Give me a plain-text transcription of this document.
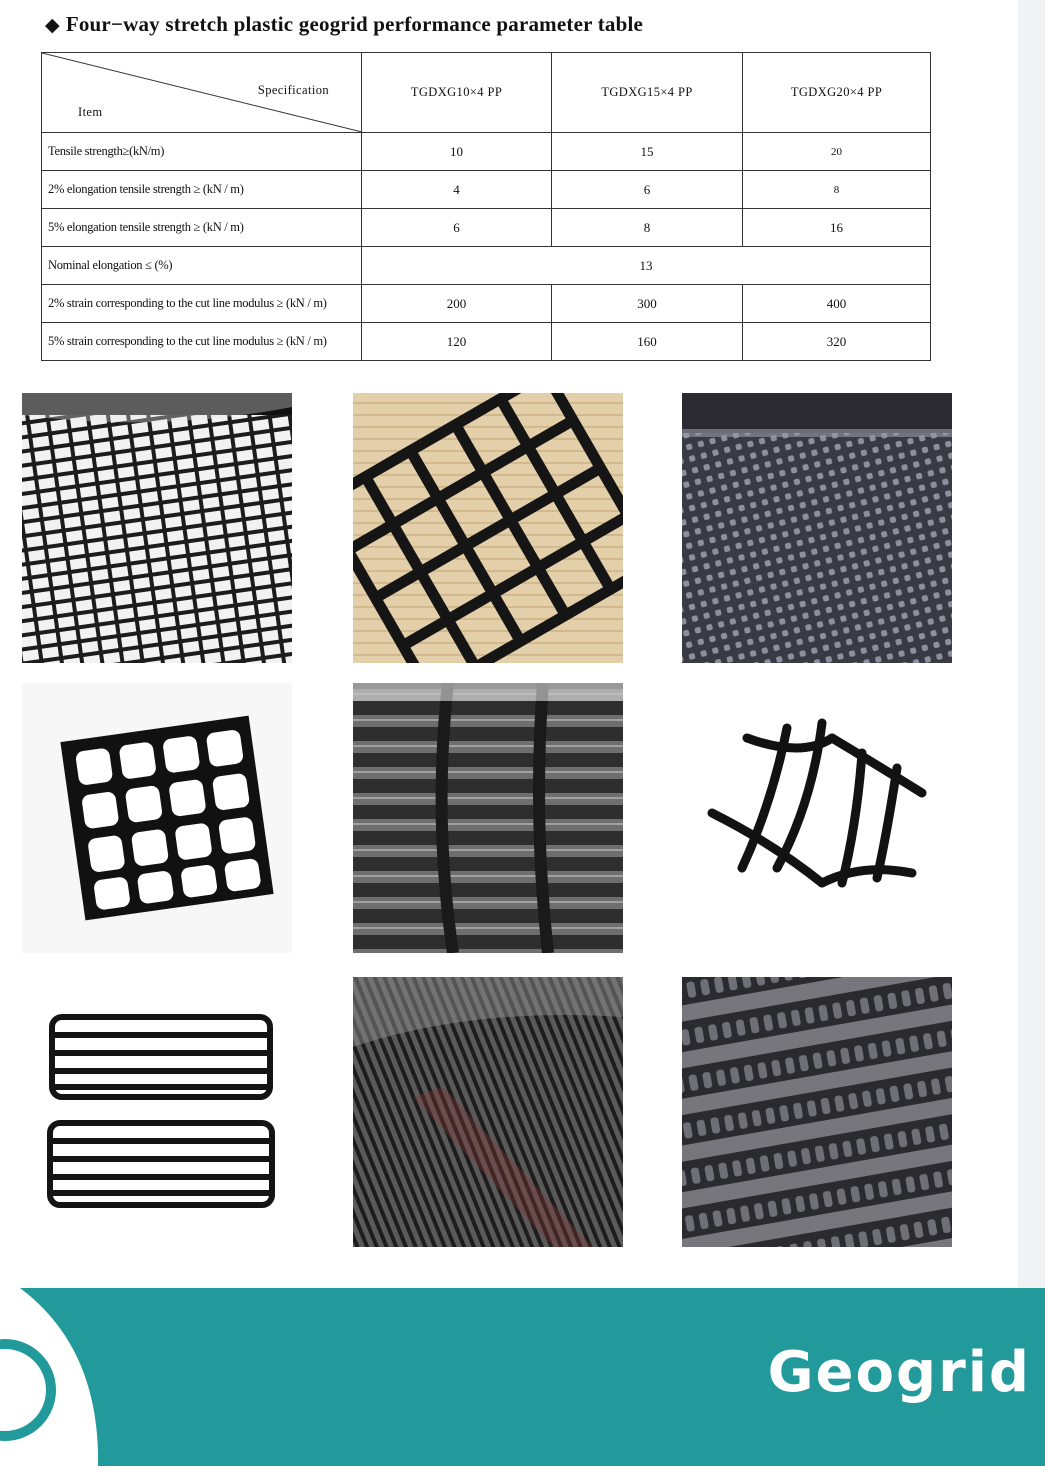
◆ Four−way stretch plastic geogrid performance parameter table
Specification
Item	TGDXG10×4 PP	TGDXG15×4 PP	TGDXG20×4 PP
Tensile strength≥(kN/m)	10	15	20
2% elongation tensile strength ≥ (kN / m)	4	6	8
5% elongation tensile strength ≥ (kN / m)	6	8	16
Nominal elongation ≤ (%)	13		
2% strain corresponding to the cut line modulus ≥ (kN / m)	200	300	400
5% strain corresponding to the cut line modulus ≥ (kN / m)	120	160	320
Geogrid
